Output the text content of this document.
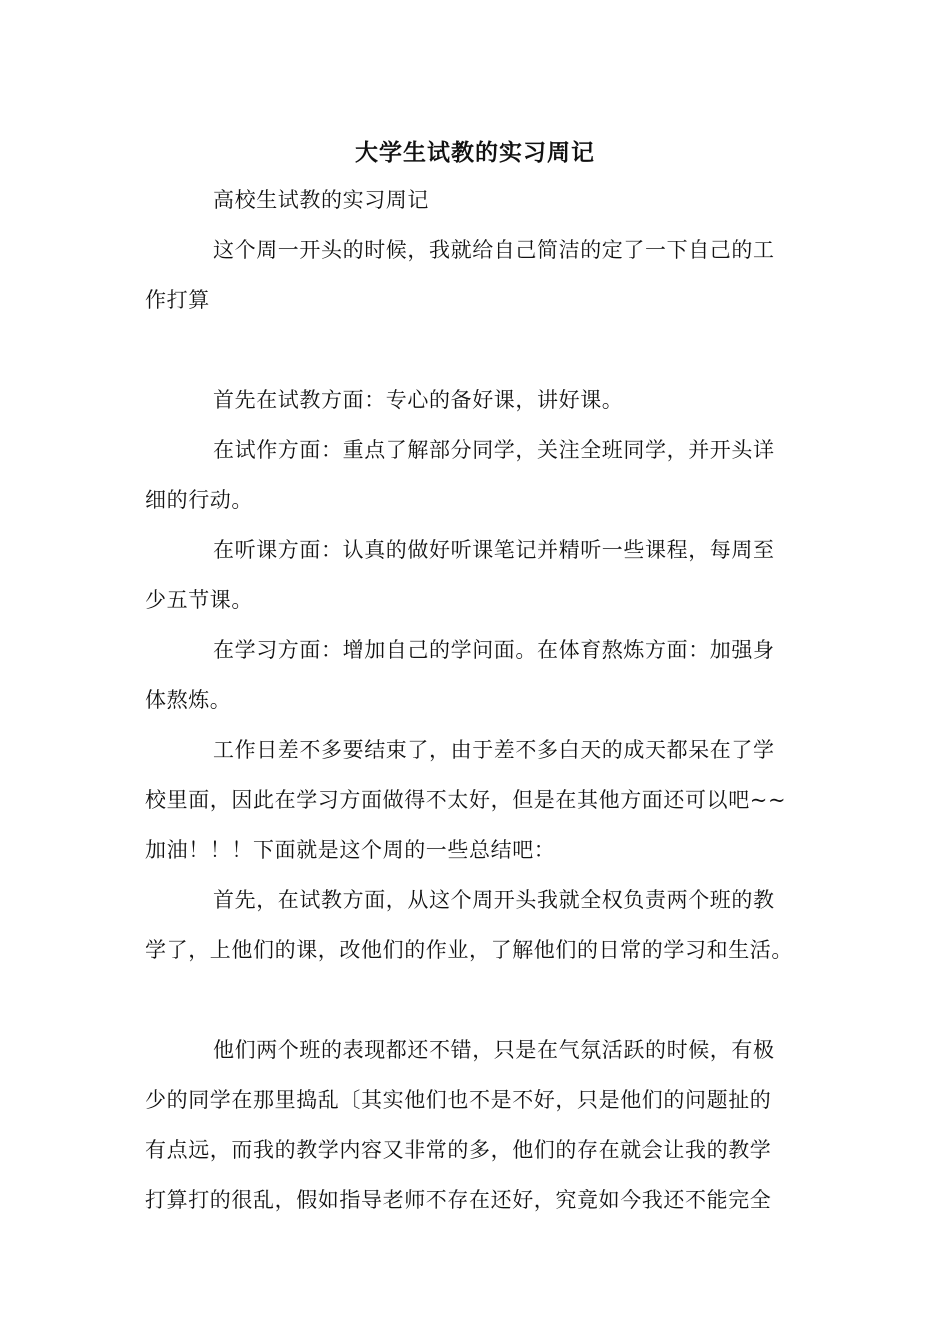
大学生试教的实习周记
高校生试教的实习周记
这个周一开头的时候，我就给自己简洁的定了一下自己的工
作打算
首先在试教方面：专心的备好课，讲好课。
在试作方面：重点了解部分同学，关注全班同学，并开头详
细的行动。
在听课方面：认真的做好听课笔记并精听一些课程，每周至
少五节课。
在学习方面：增加自己的学问面。在体育熬炼方面：加强身
体熬炼。
工作日差不多要结束了，由于差不多白天的成天都呆在了学
校里面，因此在学习方面做得不太好，但是在其他方面还可以吧~~
加油！！！下面就是这个周的一些总结吧：
首先，在试教方面，从这个周开头我就全权负责两个班的教
学了，上他们的课，改他们的作业，了解他们的日常的学习和生活。
他们两个班的表现都还不错，只是在气氛活跃的时候，有极
少的同学在那里捣乱〔其实他们也不是不好，只是他们的问题扯的
有点远，而我的教学内容又非常的多，他们的存在就会让我的教学
打算打的很乱，假如指导老师不存在还好，究竟如今我还不能完全
